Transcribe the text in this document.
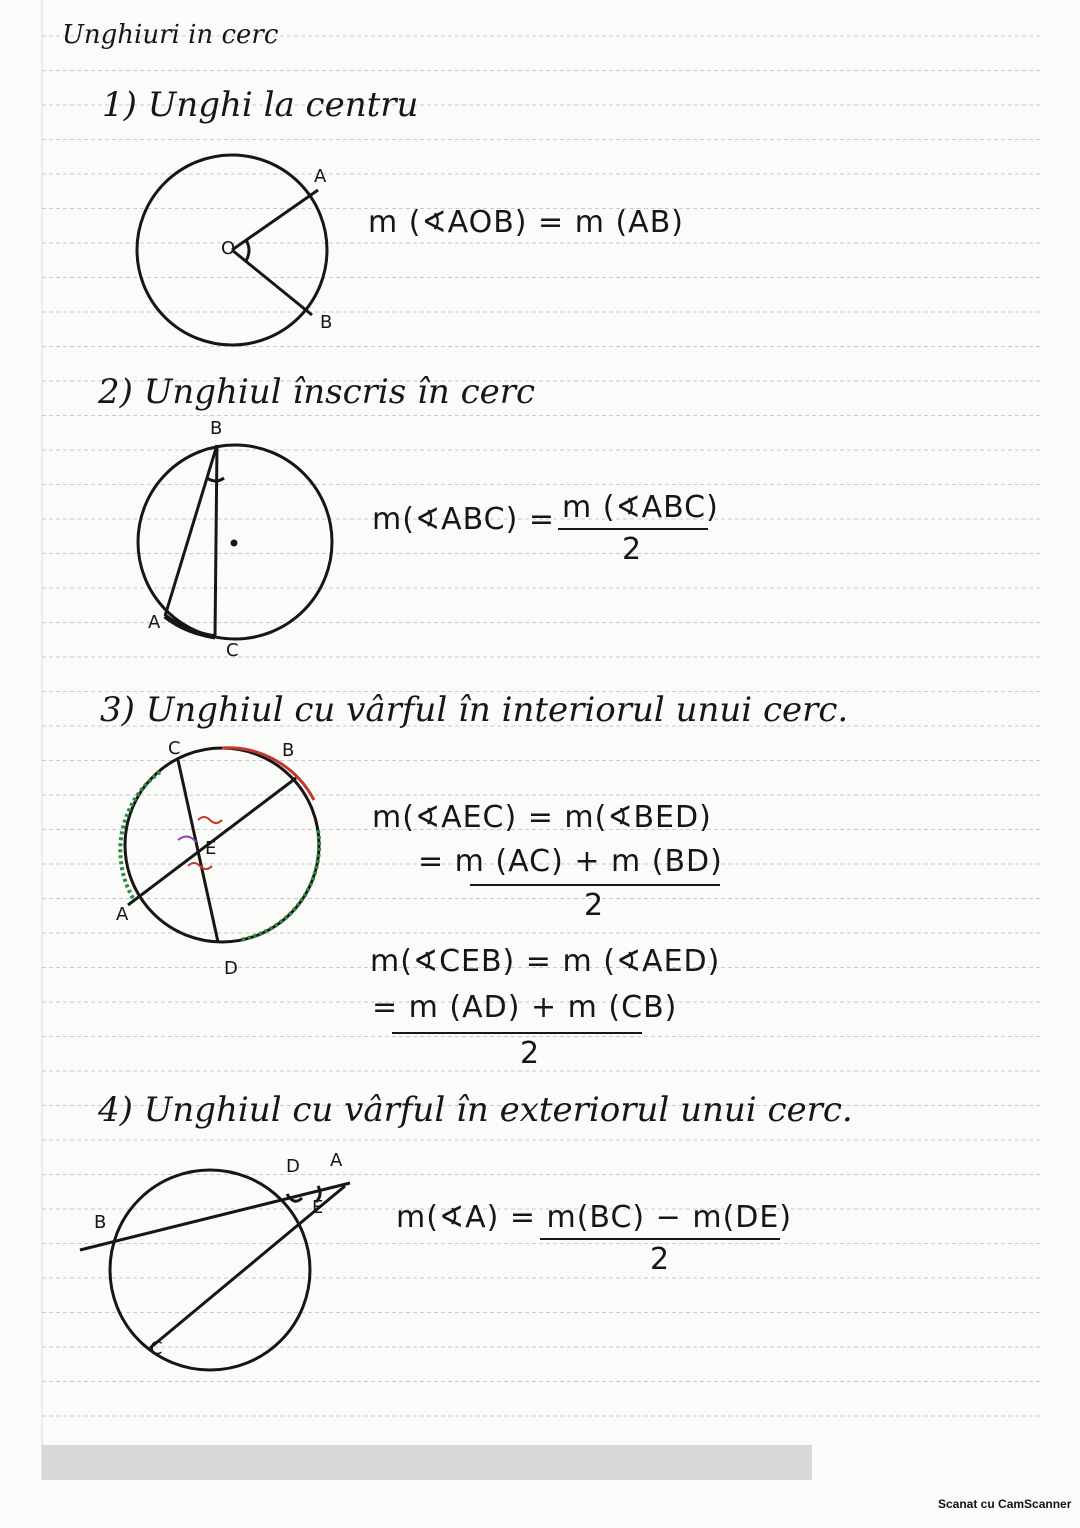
Unghiuri in cerc
1) Unghi la centru
A
B
O
m (∢AOB) = m (AB)
2) Unghiul înscris în cerc
B
A
C
m(∢ABC) = m (∢ABC)
2
3) Unghiul cu vârful în interiorul unui cerc.
C	B
A
D
E
m(∢AEC) = m(∢BED)
= m (AC) + m (BD)
2
m(∢CEB) = m (∢AED)
= m (AD) + m (CB)
2
4) Unghiul cu vârful în exteriorul unui cerc.
B
C
D A
E m(∢A) = m(BC) − m(DE)
2
Scanat cu CamScanner
